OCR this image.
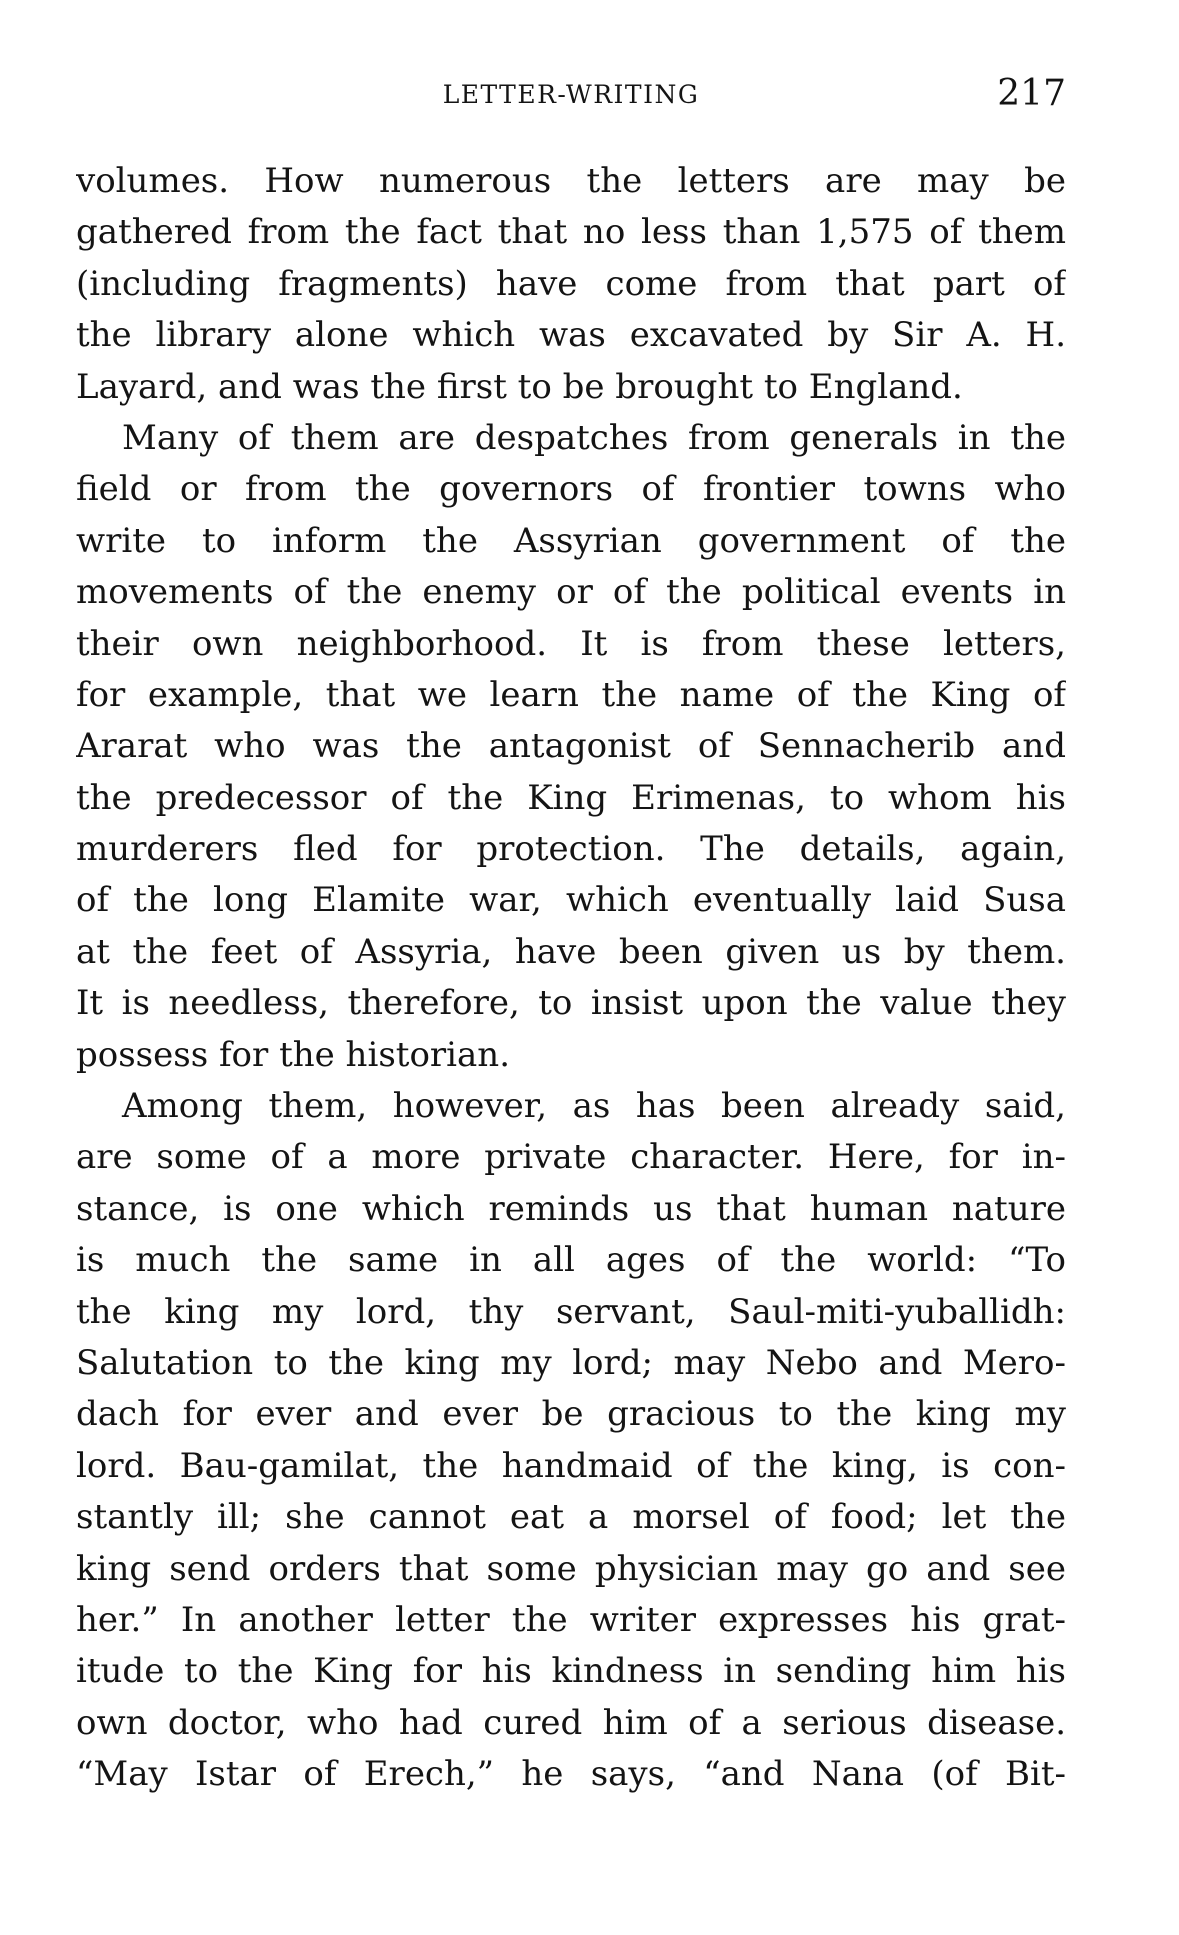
LETTER-WRITING	217
volumes. How numerous the letters are may be
gathered from the fact that no less than 1,575 of them
(including fragments) have come from that part of
the library alone which was excavated by Sir A. H.
Layard, and was the first to be brought to England.
Many of them are despatches from generals in the
field or from the governors of frontier towns who
write to inform the Assyrian government of the
movements of the enemy or of the political events in
their own neighborhood. It is from these letters,
for example, that we learn the name of the King of
Ararat who was the antagonist of Sennacherib and
the predecessor of the King Erimenas, to whom his
murderers fled for protection. The details, again,
of the long Elamite war, which eventually laid Susa
at the feet of Assyria, have been given us by them.
It is needless, therefore, to insist upon the value they
possess for the historian.
Among them, however, as has been already said,
are some of a more private character. Here, for in-
stance, is one which reminds us that human nature
is much the same in all ages of the world: “To
the king my lord, thy servant, Saul-miti-yuballidh:
Salutation to the king my lord; may Nebo and Mero-
dach for ever and ever be gracious to the king my
lord. Bau-gamilat, the handmaid of the king, is con-
stantly ill; she cannot eat a morsel of food; let the
king send orders that some physician may go and see
her.” In another letter the writer expresses his grat-
itude to the King for his kindness in sending him his
own doctor, who had cured him of a serious disease.
“May Istar of Erech,” he says, “and Nana (of Bit-
